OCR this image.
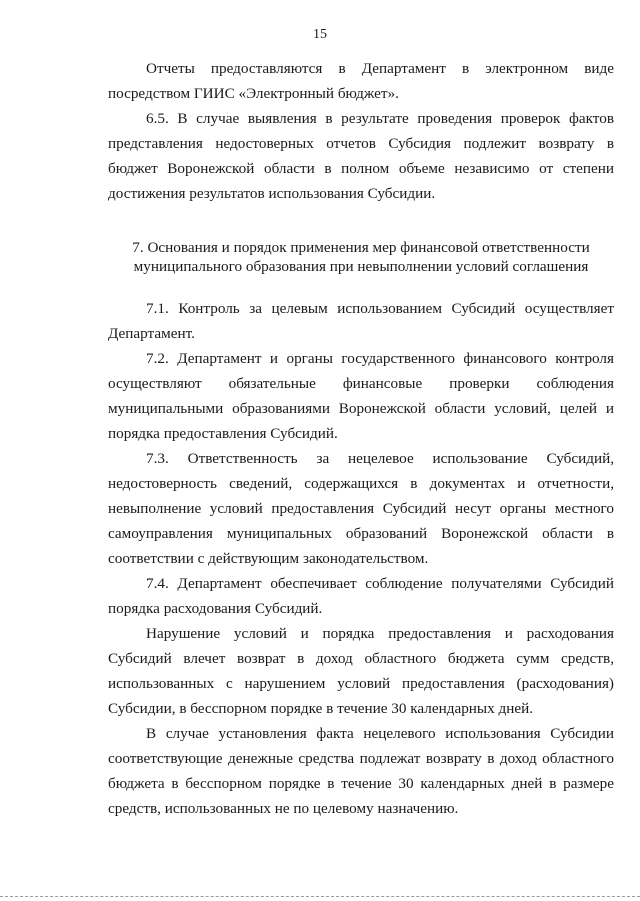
15

Отчеты предоставляются в Департамент в электронном виде посредством ГИИС «Электронный бюджет».

6.5. В случае выявления в результате проведения проверок фактов представления недостоверных отчетов Субсидия подлежит возврату в бюджет Воронежской области в полном объеме независимо от степени достижения результатов использования Субсидии.

7. Основания и порядок применения мер финансовой ответственности
муниципального образования при невыполнении условий соглашения

7.1. Контроль за целевым использованием Субсидий осуществляет Департамент.

7.2. Департамент и органы государственного финансового контроля осуществляют обязательные финансовые проверки соблюдения муниципальными образованиями Воронежской области условий, целей и порядка предоставления Субсидий.

7.3. Ответственность за нецелевое использование Субсидий, недостоверность сведений, содержащихся в документах и отчетности, невыполнение условий предоставления Субсидий несут органы местного самоуправления муниципальных образований Воронежской области в соответствии с действующим законодательством.

7.4. Департамент обеспечивает соблюдение получателями Субсидий порядка расходования Субсидий.

Нарушение условий и порядка предоставления и расходования Субсидий влечет возврат в доход областного бюджета сумм средств, использованных с нарушением условий предоставления (расходования) Субсидии, в бесспорном порядке в течение 30 календарных дней.

В случае установления факта нецелевого использования Субсидии соответствующие денежные средства подлежат возврату в доход областного бюджета в бесспорном порядке в течение 30 календарных дней в размере средств, использованных не по целевому назначению.
